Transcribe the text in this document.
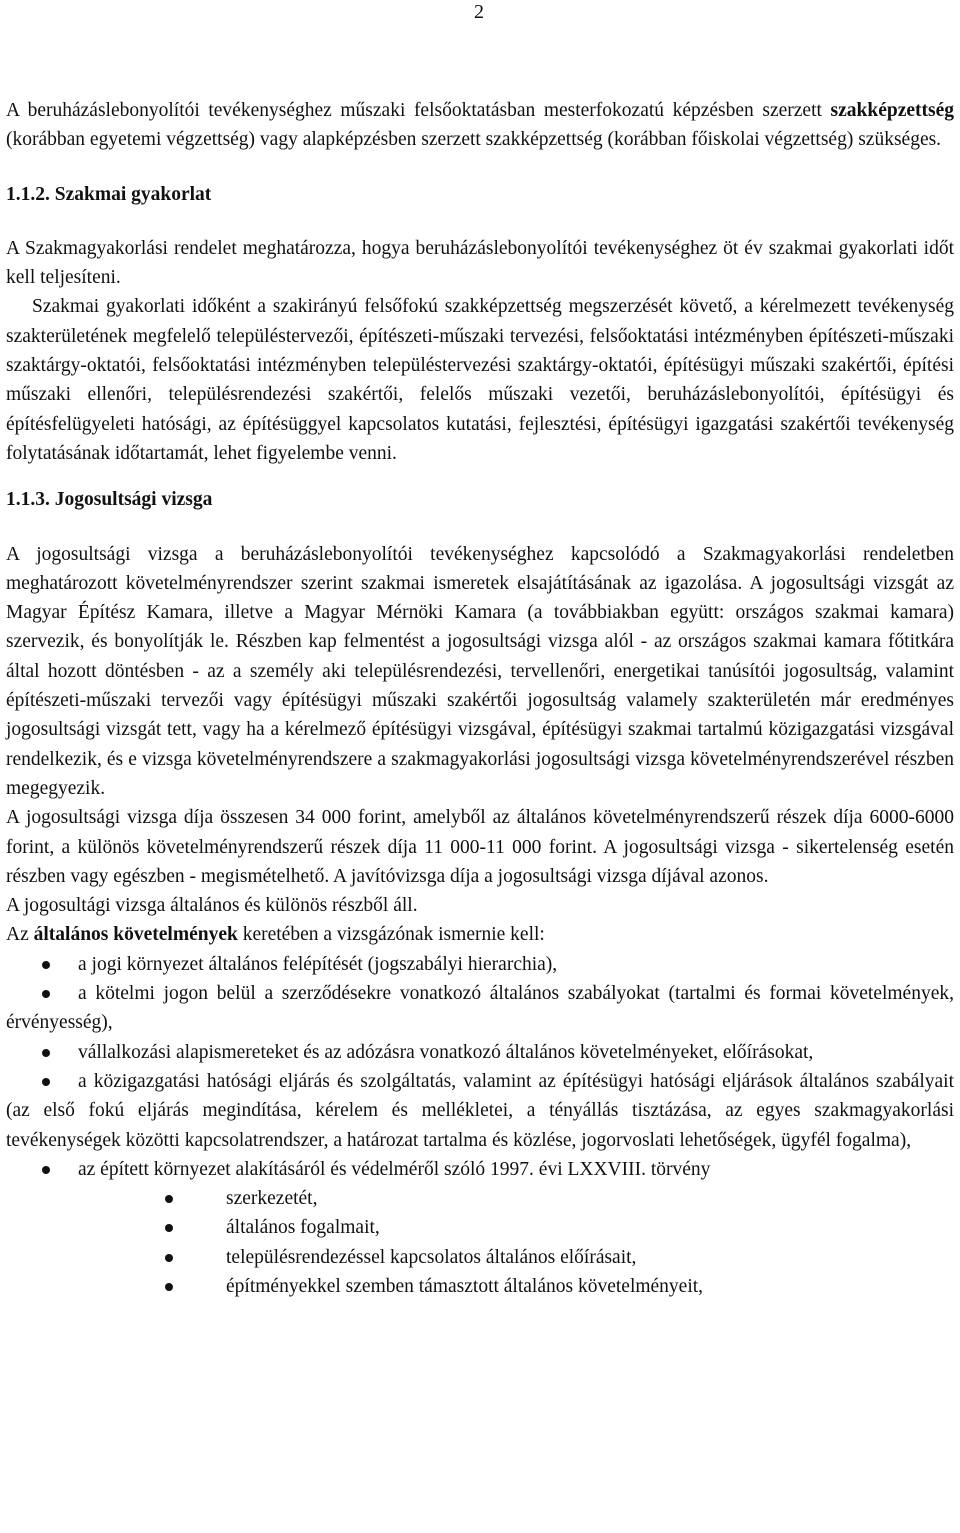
2

A beruházáslebonyolítói tevékenységhez műszaki felsőoktatásban mesterfokozatú képzésben szerzett szakképzettség (korábban egyetemi végzettség) vagy alapképzésben szerzett szakképzettség (korábban főiskolai végzettség) szükséges.

1.1.2. Szakmai gyakorlat

A Szakmagyakorlási rendelet meghatározza, hogya beruházáslebonyolítói tevékenységhez öt év szakmai gyakorlati időt kell teljesíteni.

Szakmai gyakorlati időként a szakirányú felsőfokú szakképzettség megszerzését követő, a kérelmezett tevékenység szakterületének megfelelő településtervezői, építészeti-műszaki tervezési, felsőoktatási intézményben építészeti-műszaki szaktárgy-oktatói, felsőoktatási intézményben településtervezési szaktárgy-oktatói, építésügyi műszaki szakértői, építési műszaki ellenőri, településrendezési szakértői, felelős műszaki vezetői, beruházáslebonyolítói, építésügyi és építésfelügyeleti hatósági, az építésüggyel kapcsolatos kutatási, fejlesztési, építésügyi igazgatási szakértői tevékenység folytatásának időtartamát, lehet figyelembe venni.

1.1.3. Jogosultsági vizsga

A jogosultsági vizsga a beruházáslebonyolítói tevékenységhez kapcsolódó a Szakmagyakorlási rendeletben meghatározott követelményrendszer szerint szakmai ismeretek elsajátításának az igazolása. A jogosultsági vizsgát az Magyar Építész Kamara, illetve a Magyar Mérnöki Kamara (a továbbiakban együtt: országos szakmai kamara) szervezik, és bonyolítják le. Részben kap felmentést a jogosultsági vizsga alól - az országos szakmai kamara főtitkára által hozott döntésben - az a személy aki településrendezési, tervellenőri, energetikai tanúsítói jogosultság, valamint építészeti-műszaki tervezői vagy építésügyi műszaki szakértői jogosultság valamely szakterületén már eredményes jogosultsági vizsgát tett, vagy ha a kérelmező építésügyi vizsgával, építésügyi szakmai tartalmú közigazgatási vizsgával rendelkezik, és e vizsga követelményrendszere a szakmagyakorlási jogosultsági vizsga követelményrendszerével részben megegyezik.

A jogosultsági vizsga díja összesen 34 000 forint, amelyből az általános követelményrendszerű részek díja 6000-6000 forint, a különös követelményrendszerű részek díja 11 000-11 000 forint. A jogosultsági vizsga - sikertelenség esetén részben vagy egészben - megismételhető. A javítóvizsga díja a jogosultsági vizsga díjával azonos.

A jogosultági vizsga általános és különös részből áll.

Az általános követelmények keretében a vizsgázónak ismernie kell:

a jogi környezet általános felépítését (jogszabályi hierarchia),
a kötelmi jogon belül a szerződésekre vonatkozó általános szabályokat (tartalmi és formai követelmények, érvényesség),
vállalkozási alapismereteket és az adózásra vonatkozó általános követelményeket, előírásokat,
a közigazgatási hatósági eljárás és szolgáltatás, valamint az építésügyi hatósági eljárások általános szabályait (az első fokú eljárás megindítása, kérelem és mellékletei, a tényállás tisztázása, az egyes szakmagyakorlási tevékenységek közötti kapcsolatrendszer, a határozat tartalma és közlése, jogorvoslati lehetőségek, ügyfél fogalma),
az épített környezet alakításáról és védelméről szóló 1997. évi LXXVIII. törvény
szerkezetét,
általános fogalmait,
településrendezéssel kapcsolatos általános előírásait,
építményekkel szemben támasztott általános követelményeit,
